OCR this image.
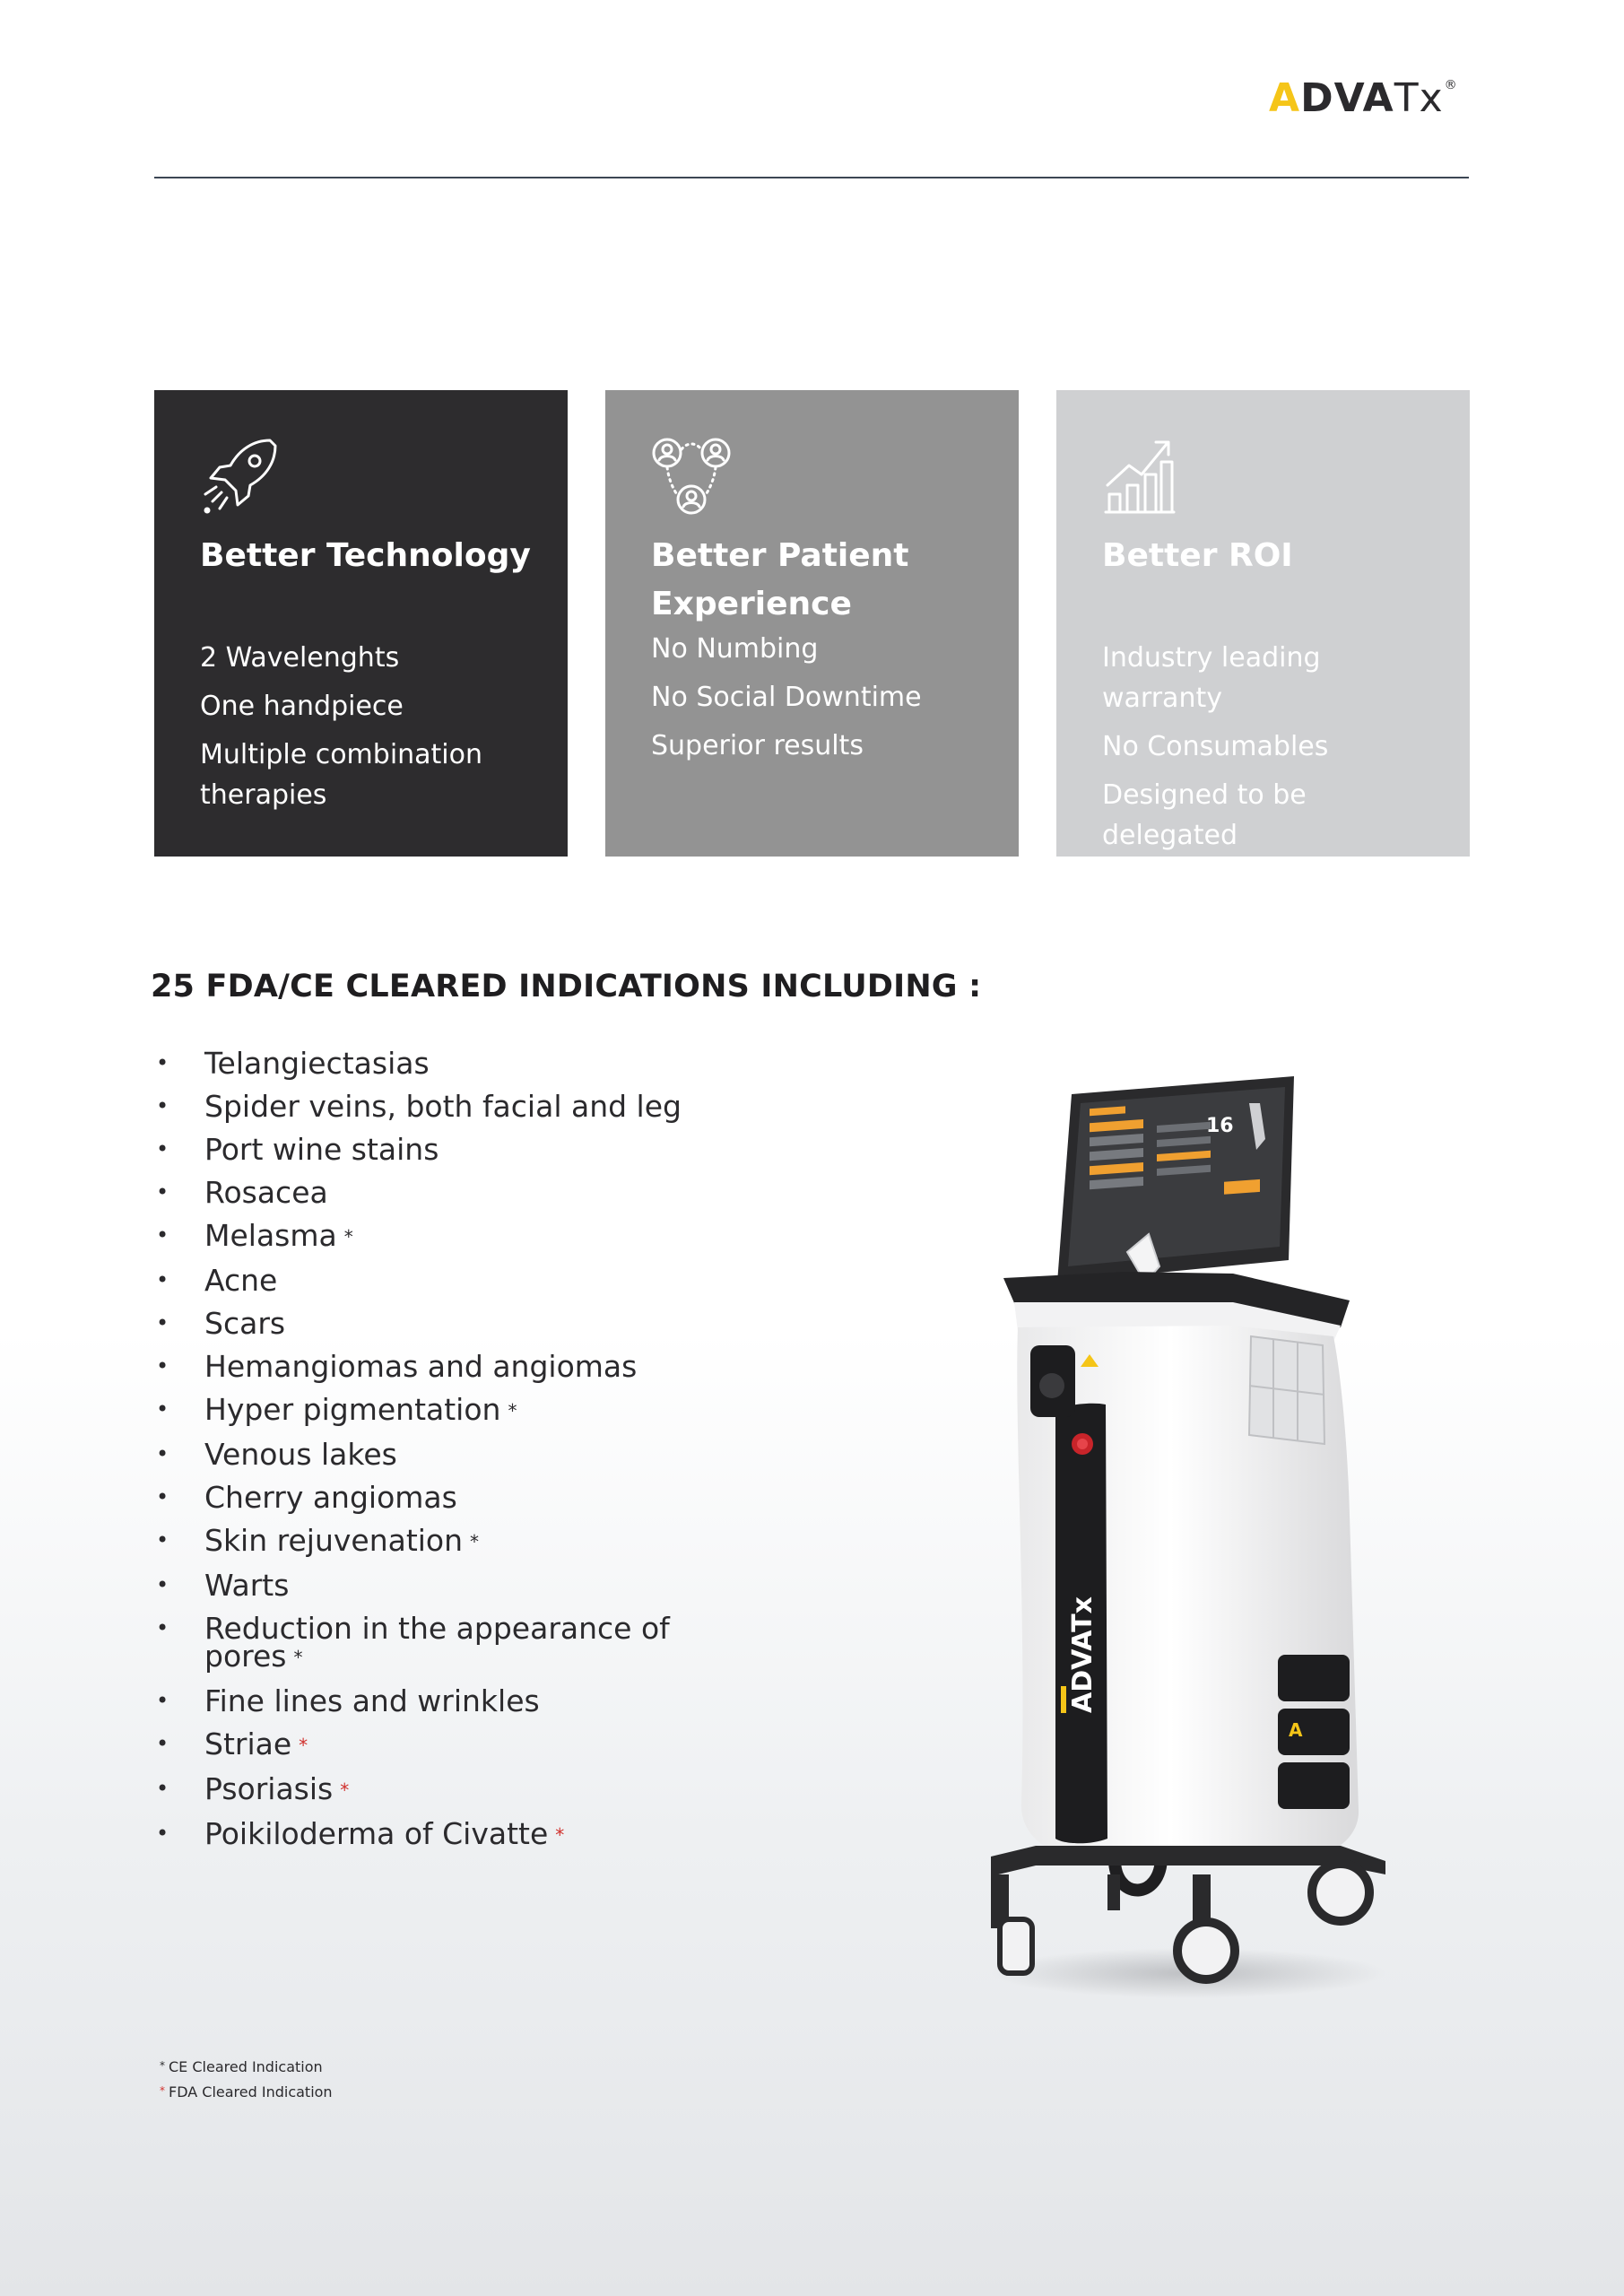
A DVA Tx ®
Better Technology
2 Wavelenghts
One handpiece
Multiple combination therapies
Better Patient Experience
No Numbing
No Social Downtime
Superior results
Better ROI
Industry leading warranty
No Consumables
Designed to be delegated
25 FDA/CE CLEARED INDICATIONS INCLUDING :
• Telangiectasias
• Spider veins, both facial and leg
• Port wine stains
• Rosacea
• Melasma *
• Acne
• Scars
• Hemangiomas and angiomas
• Hyper pigmentation *
• Venous lakes
• Cherry angiomas
• Skin rejuvenation *
• Warts
• Reduction in the appearance of pores *
• Fine lines and wrinkles
• Striae *
• Psoriasis *
• Poikiloderma of Civatte *
16
ADVATx
A
* CE Cleared Indication
* FDA Cleared Indication
